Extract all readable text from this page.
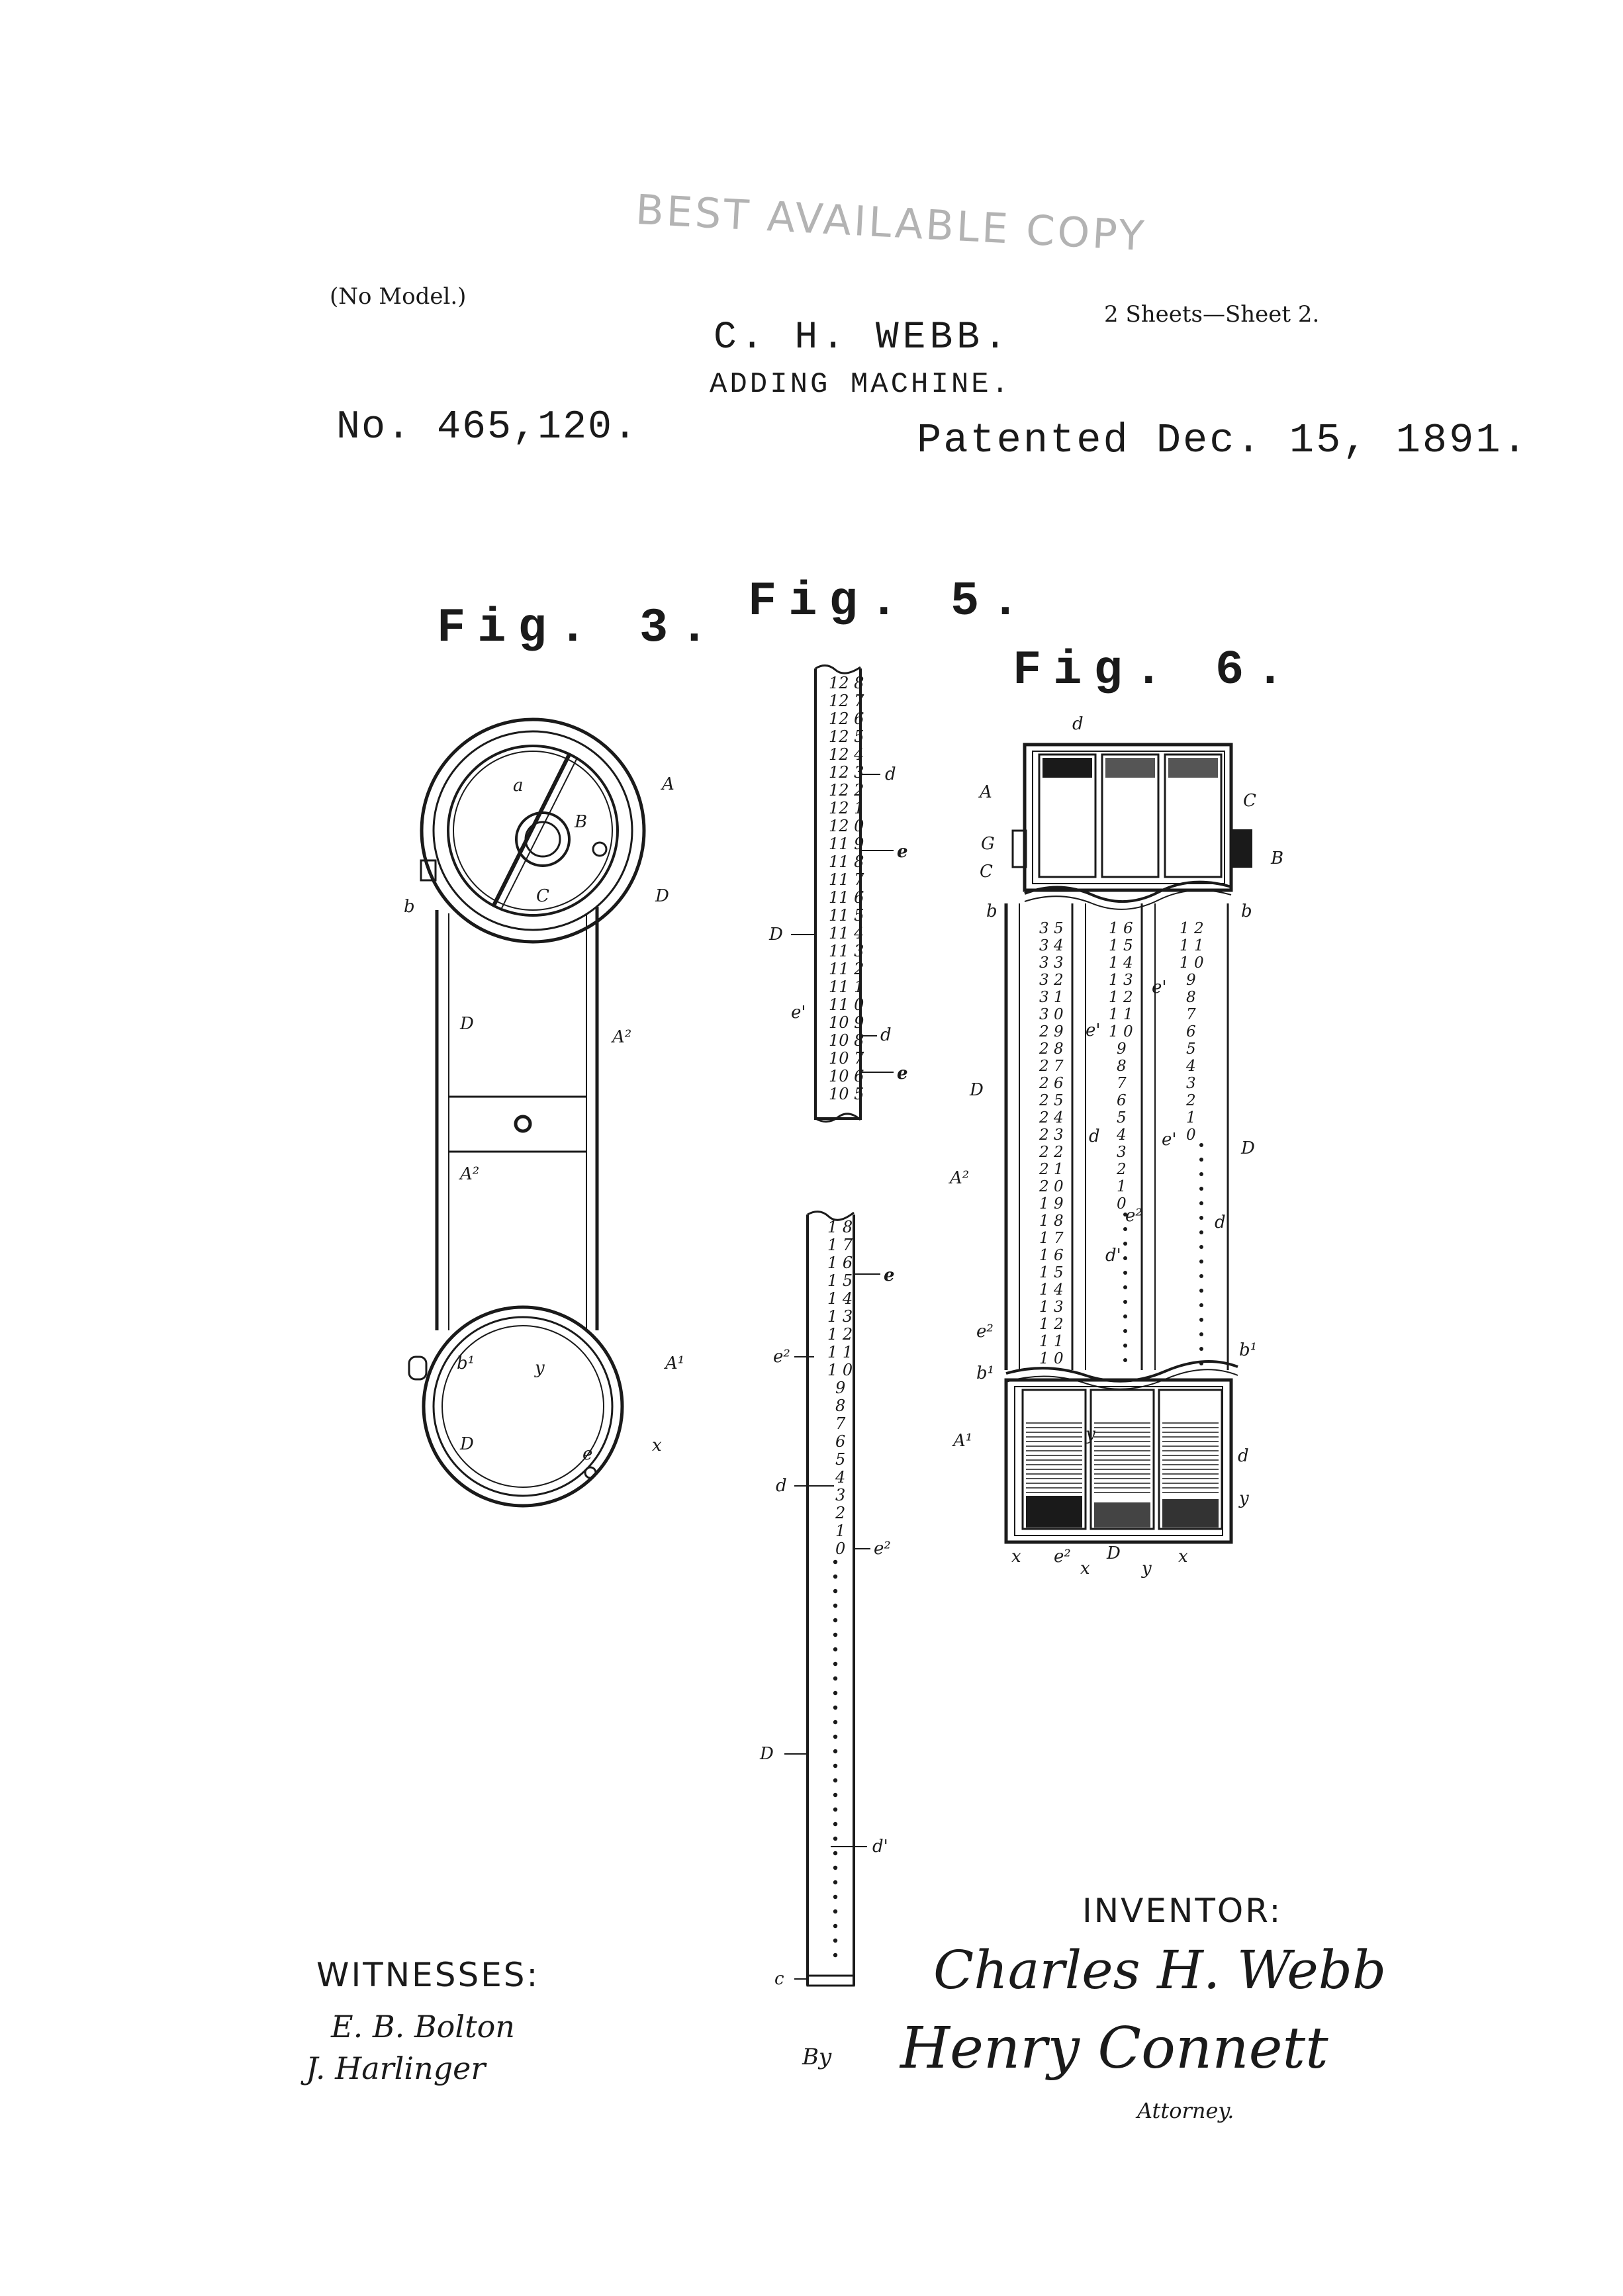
BEST AVAILABLE COPY
(No Model.)
2 Sheets—Sheet 2.
C. H. WEBB.
ADDING MACHINE.
No. 465,120.	Patented Dec. 15, 1891.
Fig. 3. Fig. 5.
Fig. 6.
a	A
B
C	D
b
D
A²
A²
b¹	y	A¹
D	x
e
12 8
12 7
12 6
12 5
12 4
12 3
12 2
12 1
12 0
11 9
11 8
11 7
11 6
11 5
11 4
11 3
11 2
11 1
11 0
10 9
10 8
10 7
10 6
10 5
1 8
1 7
1 6
1 5
1 4
1 3
1 2
1 1
1 0
9
8
7
6
5
4
3
2
1
0
d
e
D
e'
d
e
e
e²
d
e²
D
d'
c
3 5
3 4
3 3
3 2
3 1
3 0
2 9
2 8
2 7
2 6
2 5
2 4
2 3
2 2
2 1
2 0
1 9
1 8
1 7
1 6
1 5
1 4
1 3
1 2
1 1
1 0
1 6
1 5
1 4
1 3
1 2
1 1
1 0
9
8
7
6
5
4
3
2
1
0
1 2
1 1
1 0
9
8
7
6
5
4
3
2
1
0
d
A	C
G
B
C
b	b
e'
e'
D
d	e'	D
A²
e²	d
d'
e²
b¹
b¹
y
A¹
d
y
x e² D
x	y
x
WITNESSES:
E. B. Bolton
J. Harlinger
INVENTOR:
Charles H. Webb
By Henry Connett
Attorney.
